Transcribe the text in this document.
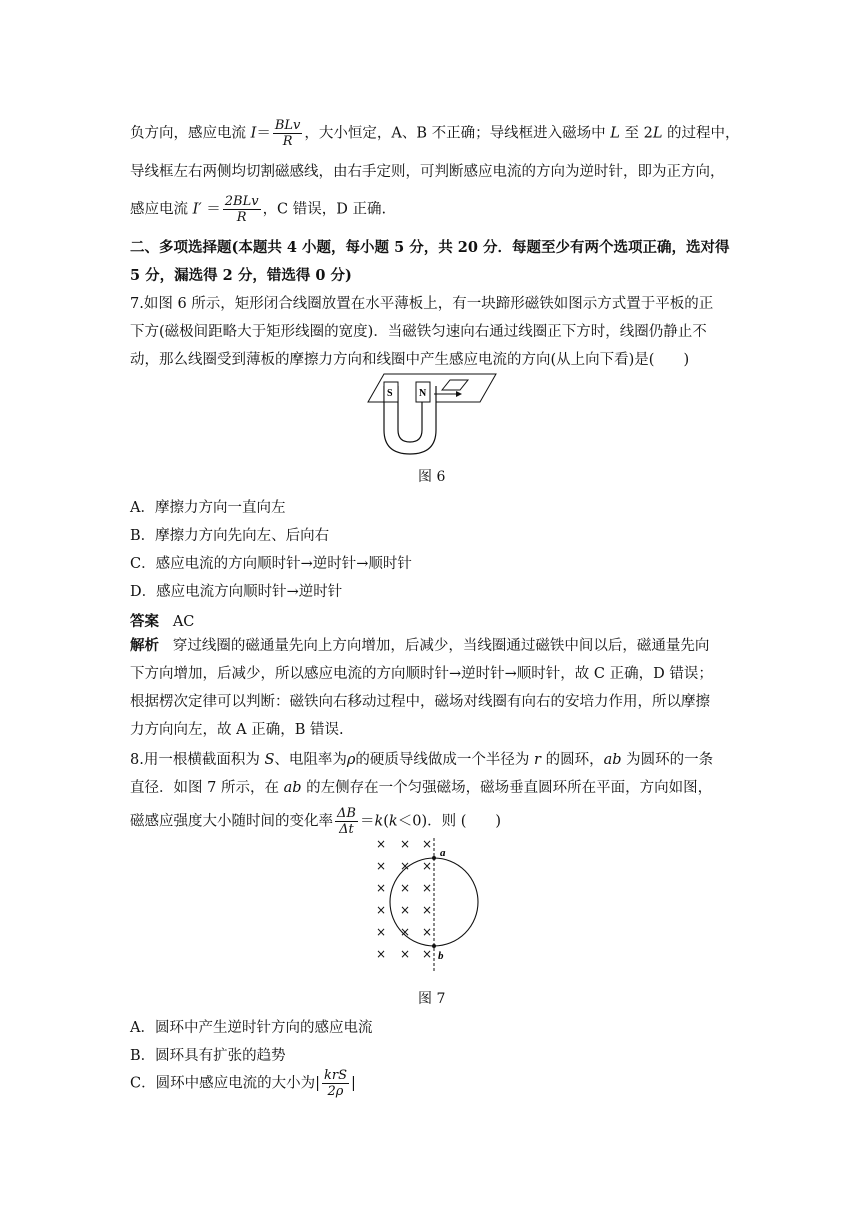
负方向，感应电流 $I= \frac{\text{BLv}}{R}$ ，大小恒定，A、B 不正确；导线框进入磁场中 L 至 2L 的过程中，
导线框左右两侧均切割磁感线，由右手定则，可判断感应电流的方向为逆时针，即为正方向，
感应电流 $I' = \frac{\text{2BLv}}{R}$ ，C 错误，D 正确.
二、多项选择题(本题共 4 小题，每小题 5 分，共 20 分．每题至少有两个选项正确，选对得
5 分，漏选得 2 分，错选得 0 分)
7.如图 6 所示，矩形闭合线圈放置在水平薄板上，有一块蹄形磁铁如图示方式置于平板的正
下方(磁极间距略大于矩形线圈的宽度)．当磁铁匀速向右通过线圈正下方时，线圈仍静止不
动，那么线圈受到薄板的摩擦力方向和线圈中产生感应电流的方向(从上向下看)是(　　)
S	N
图 6
A．摩擦力方向一直向左
B．摩擦力方向先向左、后向右
C．感应电流的方向顺时针→逆时针→顺时针
D．感应电流方向顺时针→逆时针
答案 AC
解析 穿过线圈的磁通量先向上方向增加，后减少，当线圈通过磁铁中间以后，磁通量先向
下方向增加，后减少，所以感应电流的方向顺时针→逆时针→顺时针，故 C 正确，D 错误；
根据楞次定律可以判断：磁铁向右移动过程中，磁场对线圈有向右的安培力作用，所以摩擦
力方向向左，故 A 正确，B 错误.
8.用一根横截面积为 S、电阻率为ρ的硬质导线做成一个半径为 r 的圆环，ab 为圆环的一条
直径．如图 7 所示，在 ab 的左侧存在一个匀强磁场，磁场垂直圆环所在平面，方向如图，
磁感应强度大小随时间的变化率 $\frac{\Delta B}{\Delta t} =k(k<0)$．则 (　　)
× × ×
× × ×
× × ×
× × ×
× × ×
× × ×
a
b
图 7
A．圆环中产生逆时针方向的感应电流
B．圆环具有扩张的趋势
C．圆环中感应电流的大小为| $\frac{\text{krS}}{2\rho}$ |
